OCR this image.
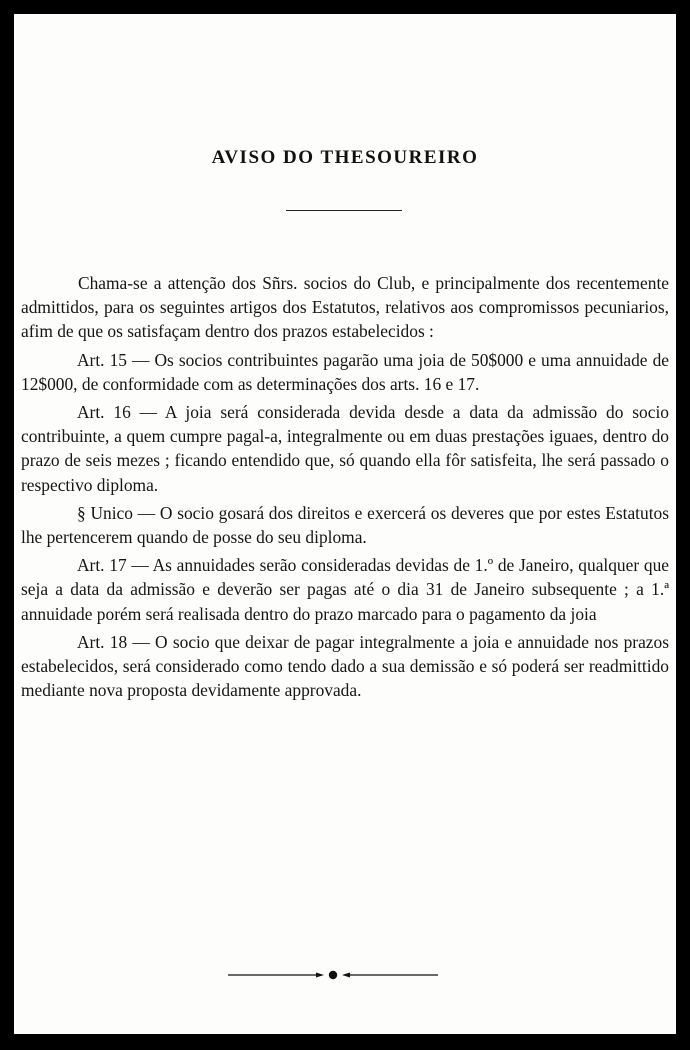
AVISO DO THESOUREIRO

Chama-se a attenção dos Sñrs. socios do Club, e principalmente dos recentemente admittidos, para os seguintes artigos dos Estatutos, relativos aos compromissos pecuniarios, afim de que os satisfaçam dentro dos prazos estabelecidos :

Art. 15 — Os socios contribuintes pagarão uma joia de 50$000 e uma annuidade de 12$000, de conformidade com as determinações dos arts. 16 e 17.

Art. 16 — A joia será considerada devida desde a data da admissão do socio contribuinte, a quem cumpre pagal-a, integralmente ou em duas prestações iguaes, dentro do prazo de seis mezes ; ficando entendido que, só quando ella fôr satisfeita, lhe será passado o respectivo diploma.

§ Unico — O socio gosará dos direitos e exercerá os deveres que por estes Estatutos lhe pertencerem quando de posse do seu diploma.

Art. 17 — As annuidades serão consideradas devidas de 1.º de Janeiro, qualquer que seja a data da admissão e deverão ser pagas até o dia 31 de Janeiro subsequente ; a 1.ª annuidade porém será realisada dentro do prazo marcado para o pagamento da joia

Art. 18 — O socio que deixar de pagar integralmente a joia e annuidade nos prazos estabelecidos, será considerado como tendo dado a sua demissão e só poderá ser readmittido mediante nova proposta devidamente approvada.
